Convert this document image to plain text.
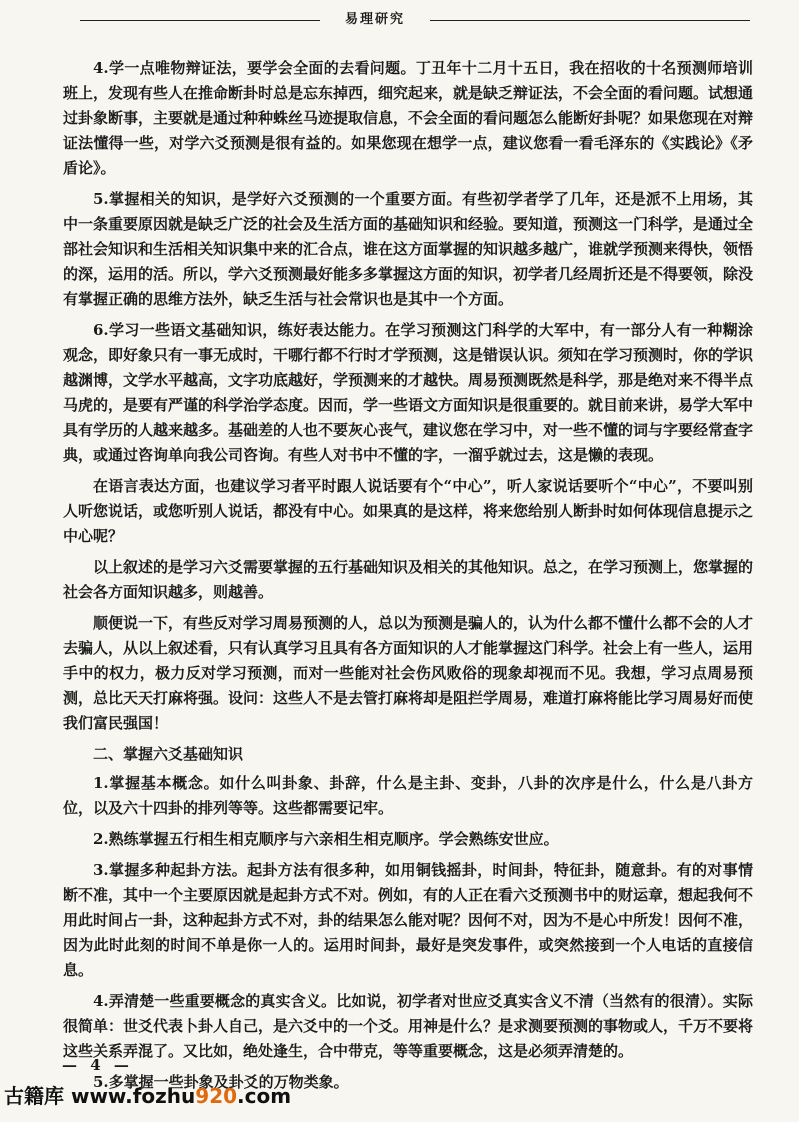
易理研究

4.学一点唯物辩证法，要学会全面的去看问题。丁丑年十二月十五日，我在招收的十名预测师培训班上，发现有些人在推命断卦时总是忘东掉西，细究起来，就是缺乏辩证法，不会全面的看问题。试想通过卦象断事，主要就是通过种种蛛丝马迹提取信息，不会全面的看问题怎么能断好卦呢？如果您现在对辩证法懂得一些，对学六爻预测是很有益的。如果您现在想学一点，建议您看一看毛泽东的《实践论》《矛盾论》。

5.掌握相关的知识，是学好六爻预测的一个重要方面。有些初学者学了几年，还是派不上用场，其中一条重要原因就是缺乏广泛的社会及生活方面的基础知识和经验。要知道，预测这一门科学，是通过全部社会知识和生活相关知识集中来的汇合点，谁在这方面掌握的知识越多越广，谁就学预测来得快，领悟的深，运用的活。所以，学六爻预测最好能多多掌握这方面的知识，初学者几经周折还是不得要领，除没有掌握正确的思维方法外，缺乏生活与社会常识也是其中一个方面。

6.学习一些语文基础知识，练好表达能力。在学习预测这门科学的大军中，有一部分人有一种糊涂观念，即好象只有一事无成时，干哪行都不行时才学预测，这是错误认识。须知在学习预测时，你的学识越渊博，文学水平越高，文字功底越好，学预测来的才越快。周易预测既然是科学，那是绝对来不得半点马虎的，是要有严谨的科学治学态度。因而，学一些语文方面知识是很重要的。就目前来讲，易学大军中具有学历的人越来越多。基础差的人也不要灰心丧气，建议您在学习中，对一些不懂的词与字要经常查字典，或通过咨询单向我公司咨询。有些人对书中不懂的字，一溜乎就过去，这是懒的表现。

在语言表达方面，也建议学习者平时跟人说话要有个“中心”，听人家说话要听个“中心”，不要叫别人听您说话，或您听别人说话，都没有中心。如果真的是这样，将来您给别人断卦时如何体现信息提示之中心呢？

以上叙述的是学习六爻需要掌握的五行基础知识及相关的其他知识。总之，在学习预测上，您掌握的社会各方面知识越多，则越善。

顺便说一下，有些反对学习周易预测的人，总以为预测是骗人的，认为什么都不懂什么都不会的人才去骗人，从以上叙述看，只有认真学习且具有各方面知识的人才能掌握这门科学。社会上有一些人，运用手中的权力，极力反对学习预测，而对一些能对社会伤风败俗的现象却视而不见。我想，学习点周易预测，总比天天打麻将强。设问：这些人不是去管打麻将却是阻拦学周易，难道打麻将能比学习周易好而使我们富民强国！

二、掌握六爻基础知识

1.掌握基本概念。如什么叫卦象、卦辞，什么是主卦、变卦，八卦的次序是什么，什么是八卦方位，以及六十四卦的排列等等。这些都需要记牢。

2.熟练掌握五行相生相克顺序与六亲相生相克顺序。学会熟练安世应。

3.掌握多种起卦方法。起卦方法有很多种，如用铜钱摇卦，时间卦，特征卦，随意卦。有的对事情断不准，其中一个主要原因就是起卦方式不对。例如，有的人正在看六爻预测书中的财运章，想起我何不用此时间占一卦，这种起卦方式不对，卦的结果怎么能对呢？因何不对，因为不是心中所发！因何不准，因为此时此刻的时间不单是你一人的。运用时间卦，最好是突发事件，或突然接到一个人电话的直接信息。

4.弄清楚一些重要概念的真实含义。比如说，初学者对世应爻真实含义不清（当然有的很清）。实际很简单：世爻代表卜卦人自己，是六爻中的一个爻。用神是什么？是求测要预测的事物或人，千万不要将这些关系弄混了。又比如，绝处逢生，合中带克，等等重要概念，这是必须弄清楚的。

5.多掌握一些卦象及卦爻的万物类象。

— 4 —
古籍库 www.fozhu920.com
